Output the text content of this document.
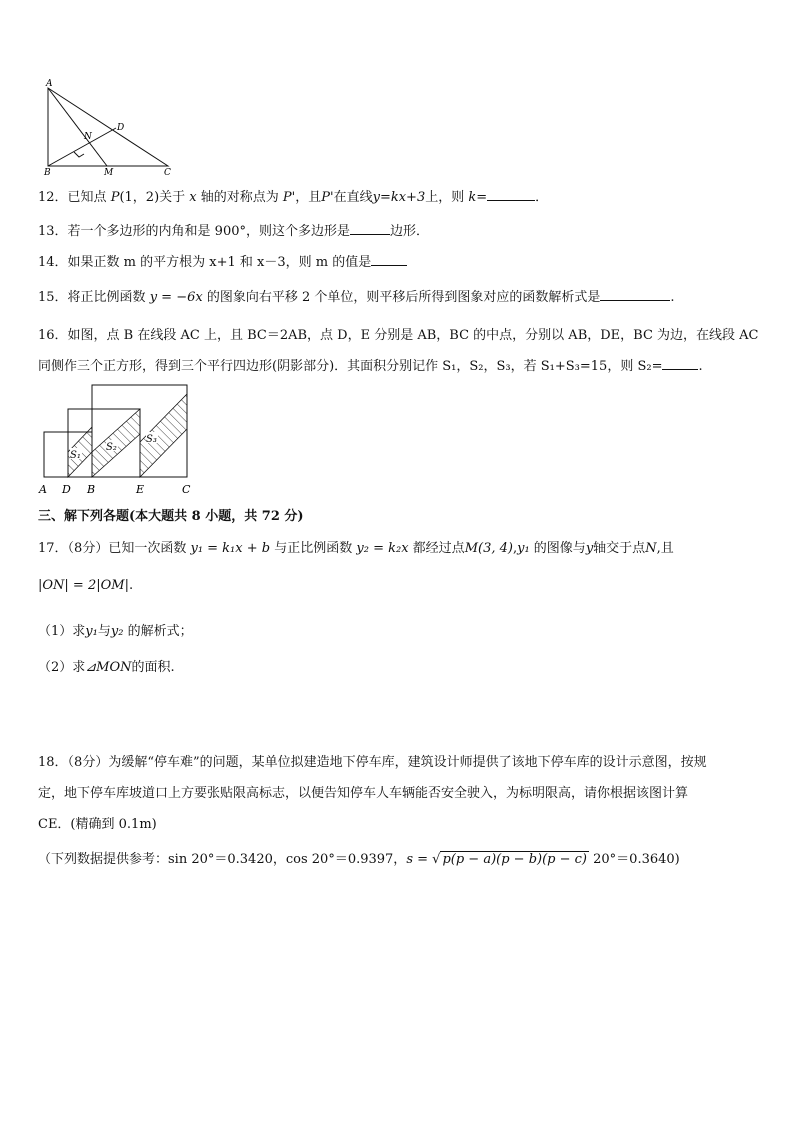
A
N
D
B	M	C
12．已知点 P(1，2)关于 x 轴的对称点为 P'，且P'在直线y=kx+3上，则 k=	．
13．若一个多边形的内角和是 900°，则这个多边形是	边形．
14．如果正数 m 的平方根为 x+1 和 x－3，则 m 的值是
15．将正比例函数 y = −6x 的图象向右平移 2 个单位，则平移后所得到图象对应的函数解析式是	.
16．如图，点 B 在线段 AC 上，且 BC＝2AB，点 D，E 分别是 AB，BC 的中点，分别以 AB，DE，BC 为边，在线段 AC
同侧作三个正方形，得到三个平行四边形(阴影部分)．其面积分别记作 S₁，S₂，S₃，若 S₁+S₃=15，则 S₂=	.
S₁
S₂
S₃
A D B	E	C
三、解下列各题(本大题共 8 小题，共 72 分)
17．（8分）已知一次函数 y₁ = k₁x + b 与正比例函数 y₂ = k₂x 都经过点M(3, 4),y₁ 的图像与y轴交于点N,且
|ON| = 2|OM|.
（1）求y₁与y₂ 的解析式；
（2）求⊿MON的面积.
18．（8分）为缓解“停车难”的问题，某单位拟建造地下停车库，建筑设计师提供了该地下停车库的设计示意图，按规
定，地下停车库坡道口上方要张贴限高标志，以便告知停车人车辆能否安全驶入，为标明限高，请你根据该图计算
CE．(精确到 0.1m)
（下列数据提供参考：sin 20°＝0.3420，cos 20°＝0.9397，s = √ p(p − a)(p − b)(p − c) 20°＝0.3640)
